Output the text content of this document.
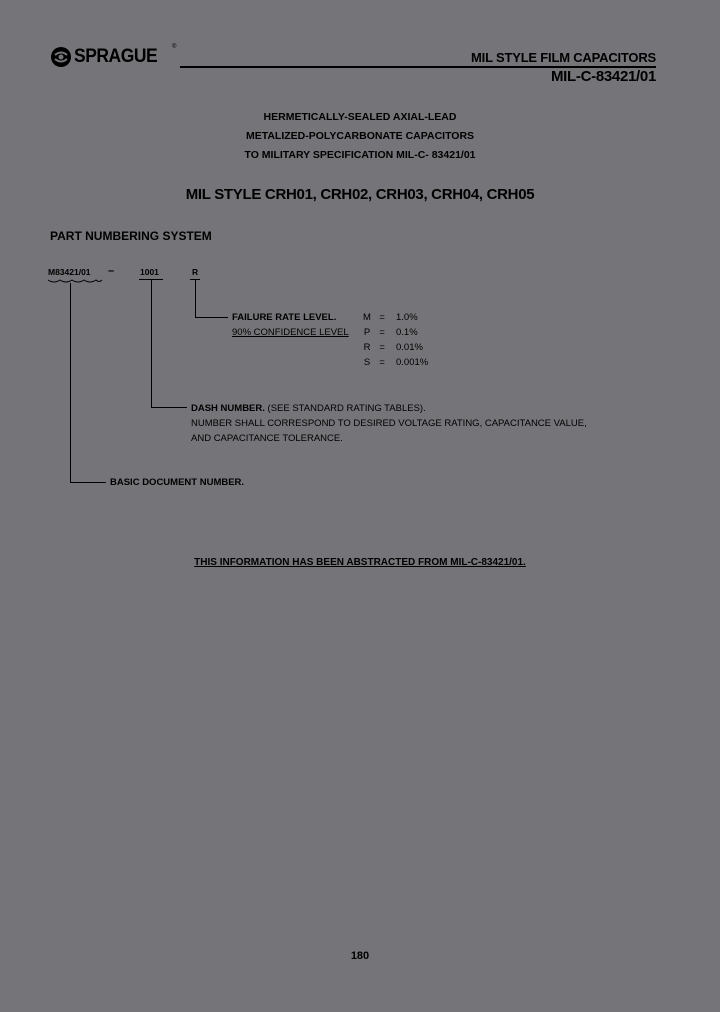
SPRAGUE ®
MIL STYLE FILM CAPACITORS
MIL-C-83421/01
HERMETICALLY-SEALED AXIAL-LEAD
METALIZED-POLYCARBONATE CAPACITORS
TO MILITARY SPECIFICATION MIL-C- 83421/01
MIL STYLE CRH01, CRH02, CRH03, CRH04, CRH05
PART NUMBERING SYSTEM
M83421/01 –	1001	R
FAILURE RATE LEVEL.
90% CONFIDENCE LEVEL
M = 1.0%
P = 0.1%
R = 0.01%
S = 0.001%
DASH NUMBER. (SEE STANDARD RATING TABLES).
NUMBER SHALL CORRESPOND TO DESIRED VOLTAGE RATING, CAPACITANCE VALUE,
AND CAPACITANCE TOLERANCE.
BASIC DOCUMENT NUMBER.
THIS INFORMATION HAS BEEN ABSTRACTED FROM MIL-C-83421/01.
180
